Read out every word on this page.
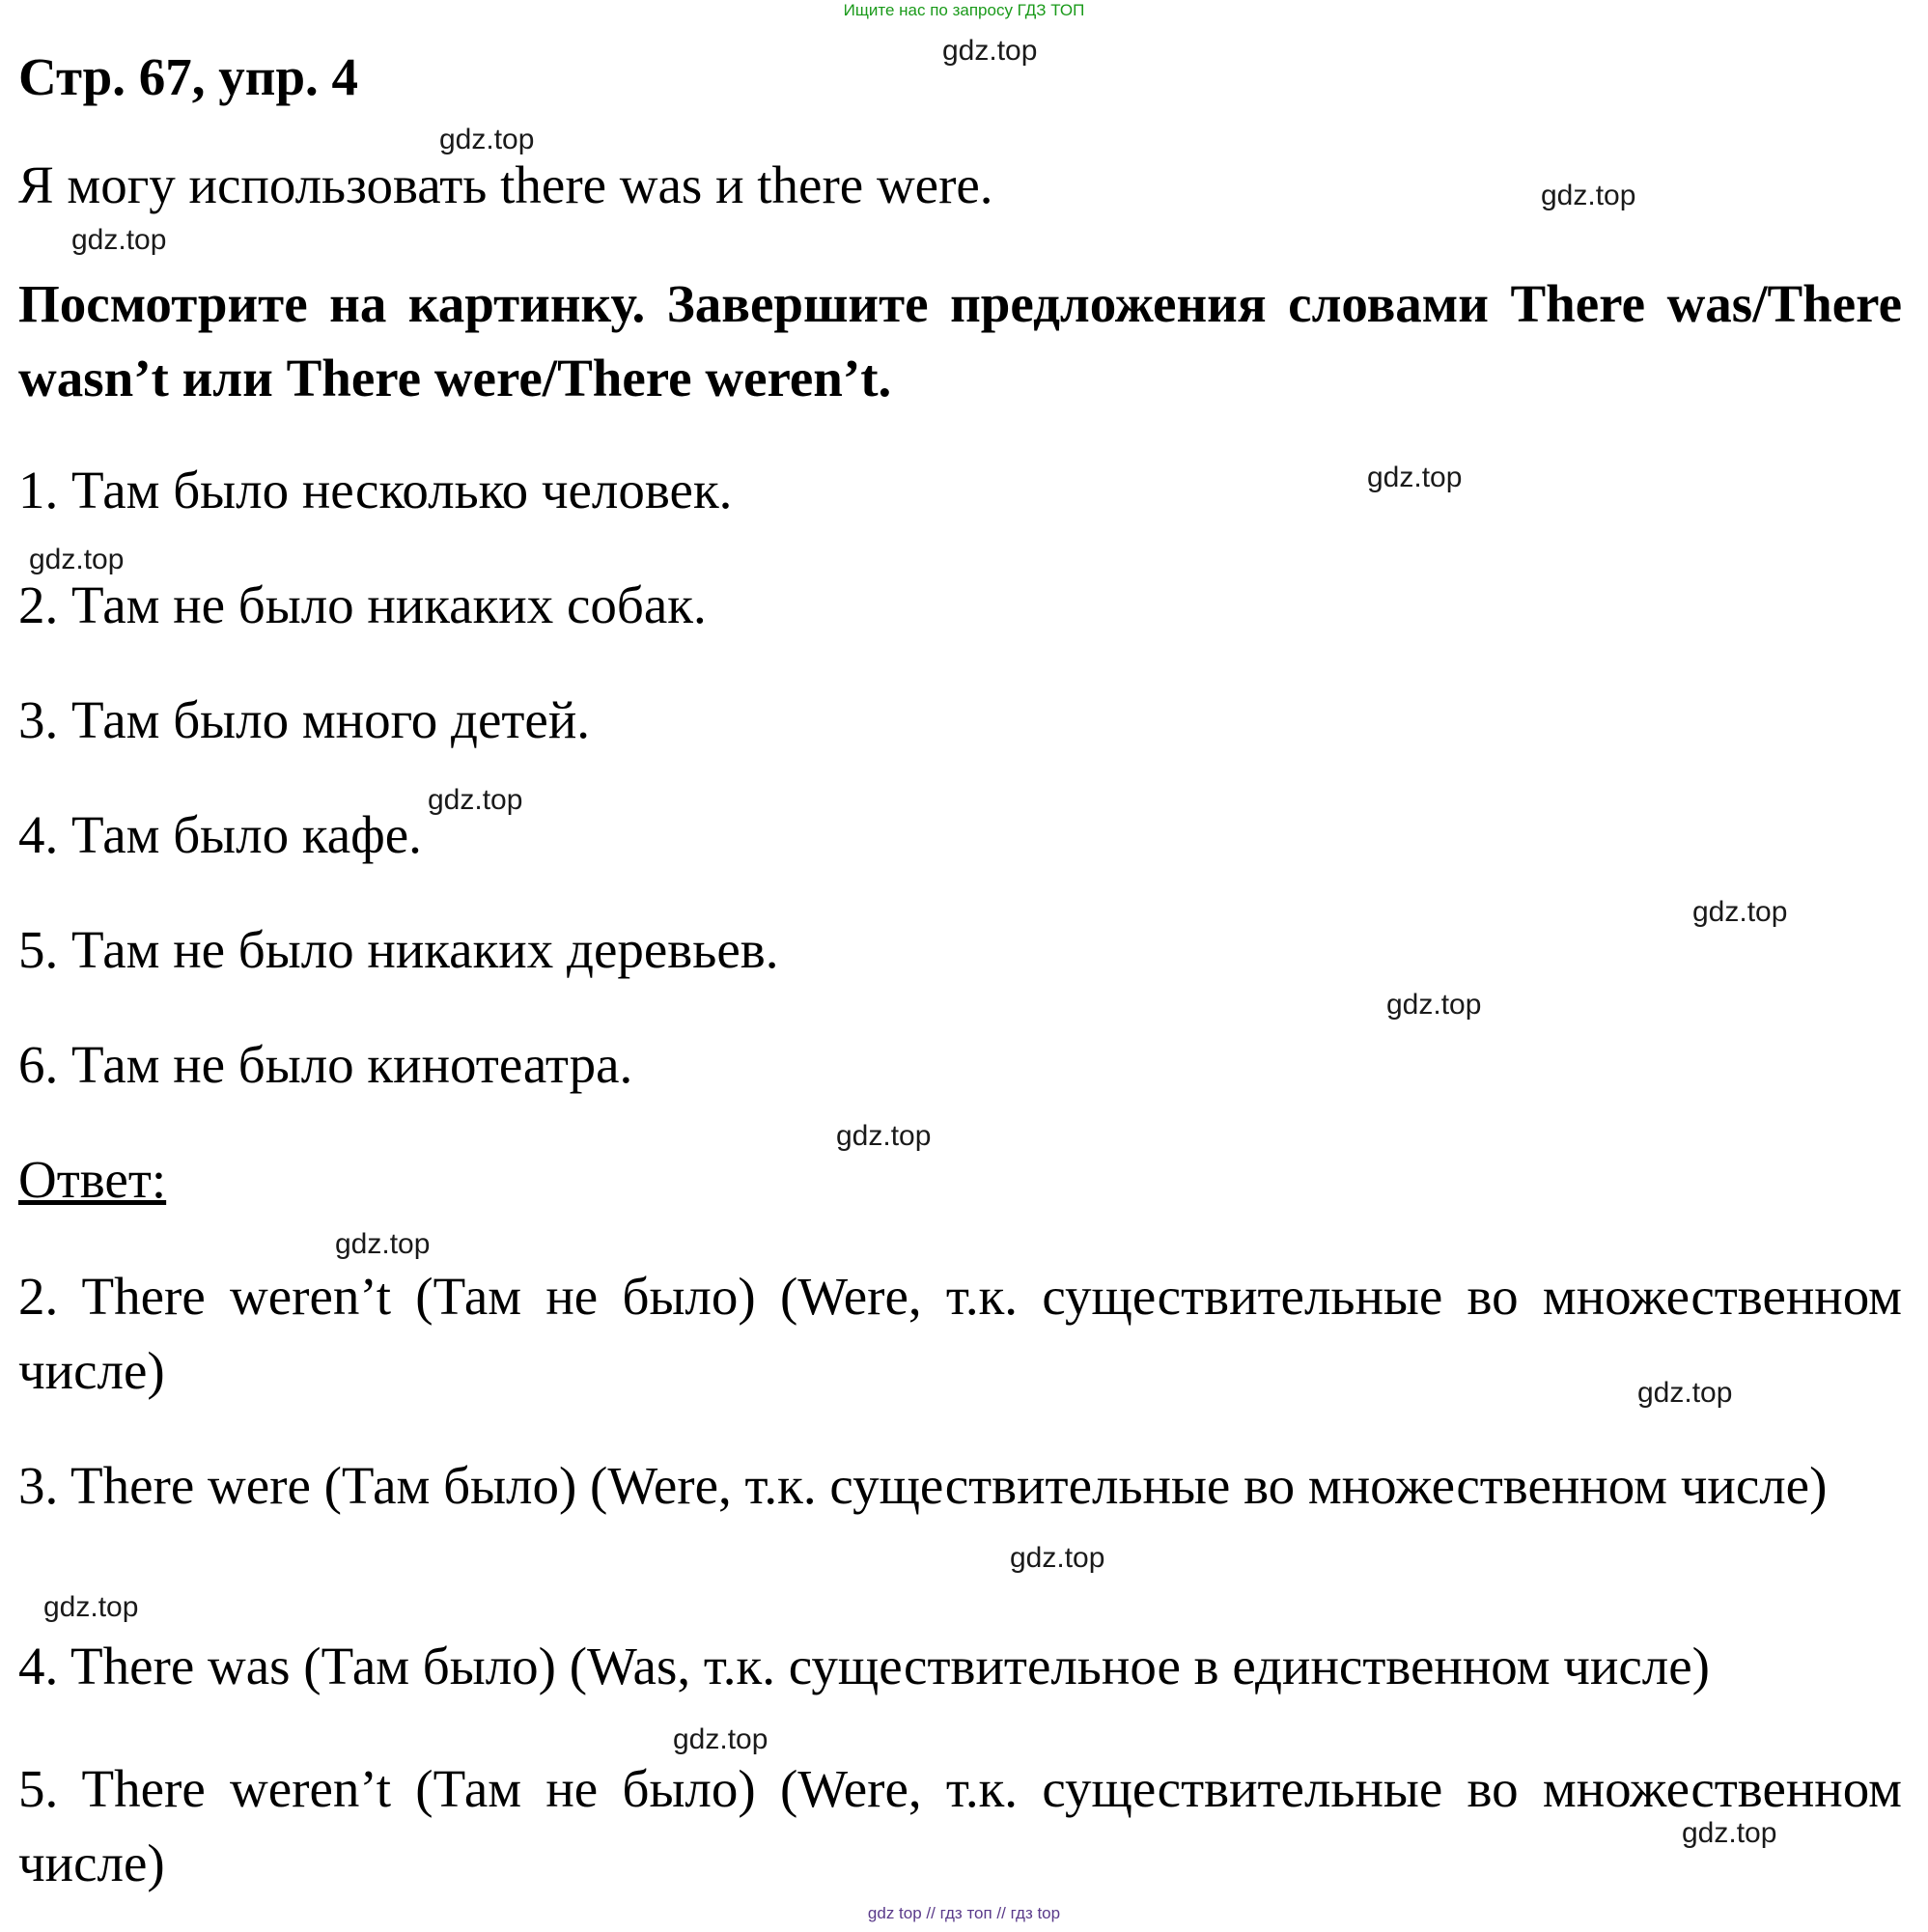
Ищите нас по запросу ГДЗ ТОП
Стр. 67, упр. 4
Я могу использовать there was и there were.
Посмотрите на картинку. Завершите предложения словами There was/There wasn’t или There were/There weren’t.
1. Там было несколько человек.
2. Там не было никаких собак.
3. Там было много детей.
4. Там было кафе.
5. Там не было никаких деревьев.
6. Там не было кинотеатра.
Ответ:
2. There weren’t (Там не было) (Were, т.к. существительные во множественном числе)
3. There were (Там было) (Were, т.к. существительные во множественном числе)
4. There was (Там было) (Was, т.к. существительное в единственном числе)
5. There weren’t (Там не было) (Were, т.к. существительные во множественном числе)
gdz.top
gdz.top
gdz.top
gdz.top
gdz.top
gdz.top
gdz.top
gdz.top
gdz.top
gdz.top
gdz.top
gdz.top
gdz.top
gdz.top
gdz.top
gdz.top
gdz top // гдз топ // гдз top
